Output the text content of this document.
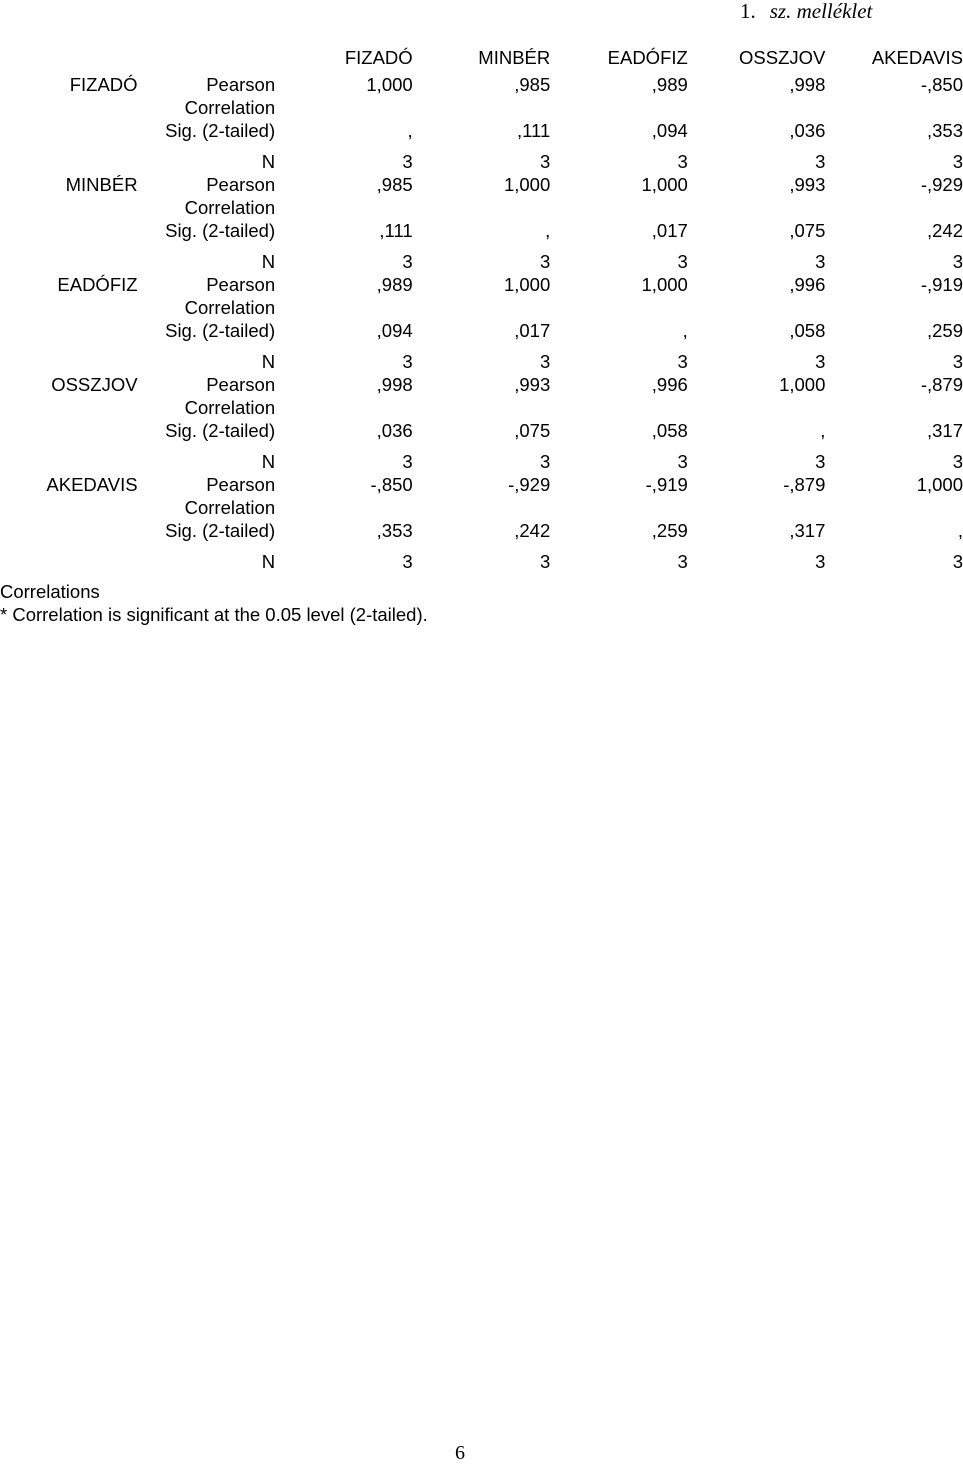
1. sz. melléklet
		FIZADÓ	MINBÉR	EADÓFIZ	OSSZJOV	AKEDAVIS
FIZADÓ	Pearson Correlation	1,000	,985	,989	,998	-,850
	Sig. (2-tailed)	,	,111	,094	,036	,353
	N	3	3	3	3	3
MINBÉR	Pearson Correlation	,985	1,000	1,000	,993	-,929
	Sig. (2-tailed)	,111	,	,017	,075	,242
	N	3	3	3	3	3
EADÓFIZ	Pearson Correlation	,989	1,000	1,000	,996	-,919
	Sig. (2-tailed)	,094	,017	,	,058	,259
	N	3	3	3	3	3
OSSZJOV	Pearson Correlation	,998	,993	,996	1,000	-,879
	Sig. (2-tailed)	,036	,075	,058	,	,317
	N	3	3	3	3	3
AKEDAVIS	Pearson Correlation	-,850	-,929	-,919	-,879	1,000
	Sig. (2-tailed)	,353	,242	,259	,317	,
	N	3	3	3	3	3
Correlations
* Correlation is significant at the 0.05 level (2-tailed).
6
